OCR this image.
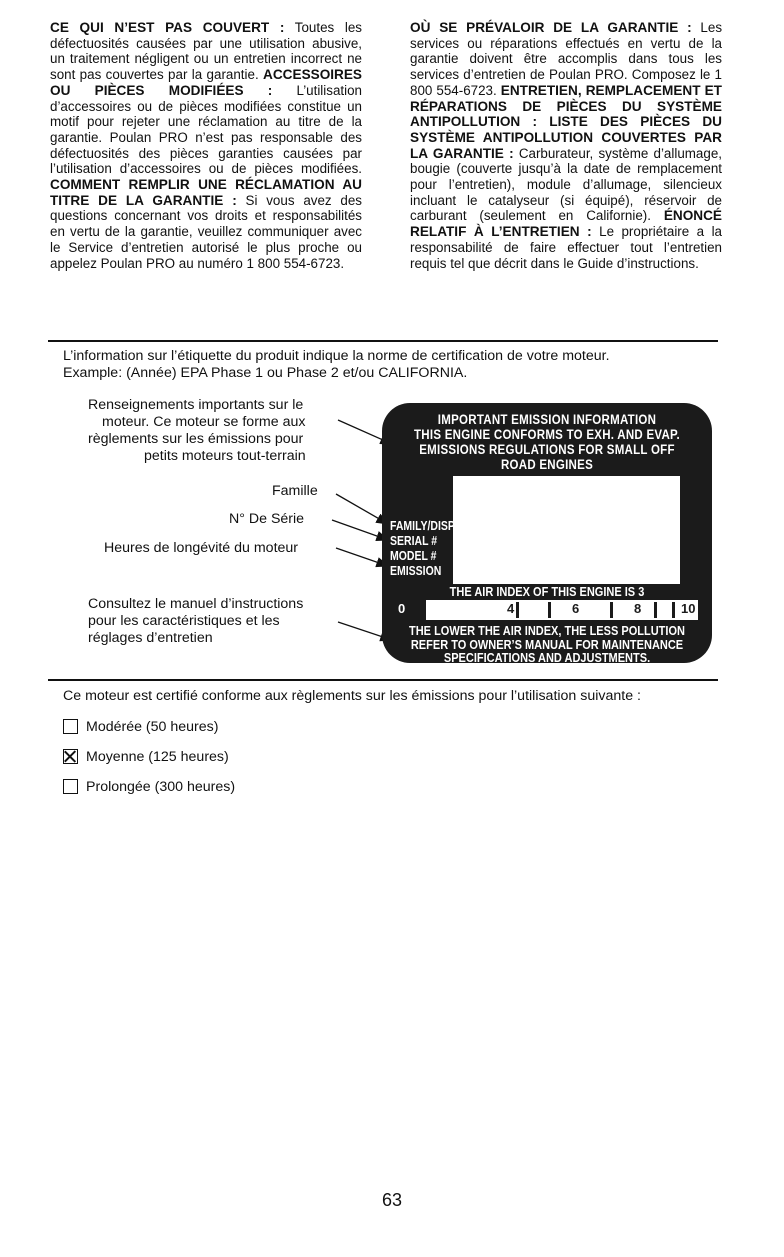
CE QUI N’EST PAS COUVERT : Toutes les défectuosités causées par une utilisation abusive, un traitement négligent ou un entretien incorrect ne sont pas couvertes par la garantie. ACCESSOIRES OU PIÈCES MODIFIÉES : L’utilisation d’accessoires ou de pièces modifiées constitue un motif pour rejeter une réclamation au titre de la garantie. Poulan PRO n’est pas responsable des défectuosités des pièces garanties causées par l’utilisation d’accessoires ou de pièces modifiées. COMMENT REMPLIR UNE RÉCLAMATION AU TITRE DE LA GARANTIE : Si vous avez des questions concernant vos droits et responsabilités en vertu de la garantie, veuillez communiquer avec le Service d’entretien autorisé le plus proche ou appelez Poulan PRO au numéro 1 800 554-6723.
OÙ SE PRÉVALOIR DE LA GARANTIE : Les services ou réparations effectués en vertu de la garantie doivent être accomplis dans tous les services d’entretien de Poulan PRO. Composez le 1 800 554-6723. ENTRETIEN, REMPLACEMENT ET RÉPARATIONS DE PIÈCES DU SYSTÈME ANTIPOLLUTION : LISTE DES PIÈCES DU SYSTÈME ANTIPOLLUTION COUVERTES PAR LA GARANTIE : Carburateur, système d’allumage, bougie (couverte jusqu’à la date de remplacement pour l’entretien), module d’allumage, silencieux incluant le catalyseur (si équipé), réservoir de carburant (seulement en Californie). ÉNONCÉ RELATIF À L’ENTRETIEN : Le propriétaire a la responsabilité de faire effectuer tout l’entretien requis tel que décrit dans le Guide d’instructions.
L’information sur l’étiquette du produit indique la norme de certification de votre moteur.
Example: (Année) EPA Phase 1 ou Phase 2 et/ou CALIFORNIA.
Renseignements importants sur le
moteur. Ce moteur se forme aux
règlements sur les émissions pour
petits moteurs tout-terrain
Famille
N° De Série
Heures de longévité du moteur
Consultez le manuel d’instructions
pour les caractéristiques et les
réglages d’entretien
IMPORTANT EMISSION INFORMATION
THIS ENGINE CONFORMS TO EXH. AND EVAP.
EMISSIONS REGULATIONS FOR SMALL OFF
ROAD ENGINES
FAMILY/DISP.
SERIAL #
MODEL #
EMISSION
THE AIR INDEX OF THIS ENGINE IS 3
0	3 4	6	8	10
THE LOWER THE AIR INDEX, THE LESS POLLUTION
REFER TO OWNER’S MANUAL FOR MAINTENANCE
SPECIFICATIONS AND ADJUSTMENTS.
Ce moteur est certifié conforme aux règlements sur les émissions pour l’utilisation suivante :
Modérée (50 heures)
Moyenne (125 heures)
Prolongée (300 heures)
63
